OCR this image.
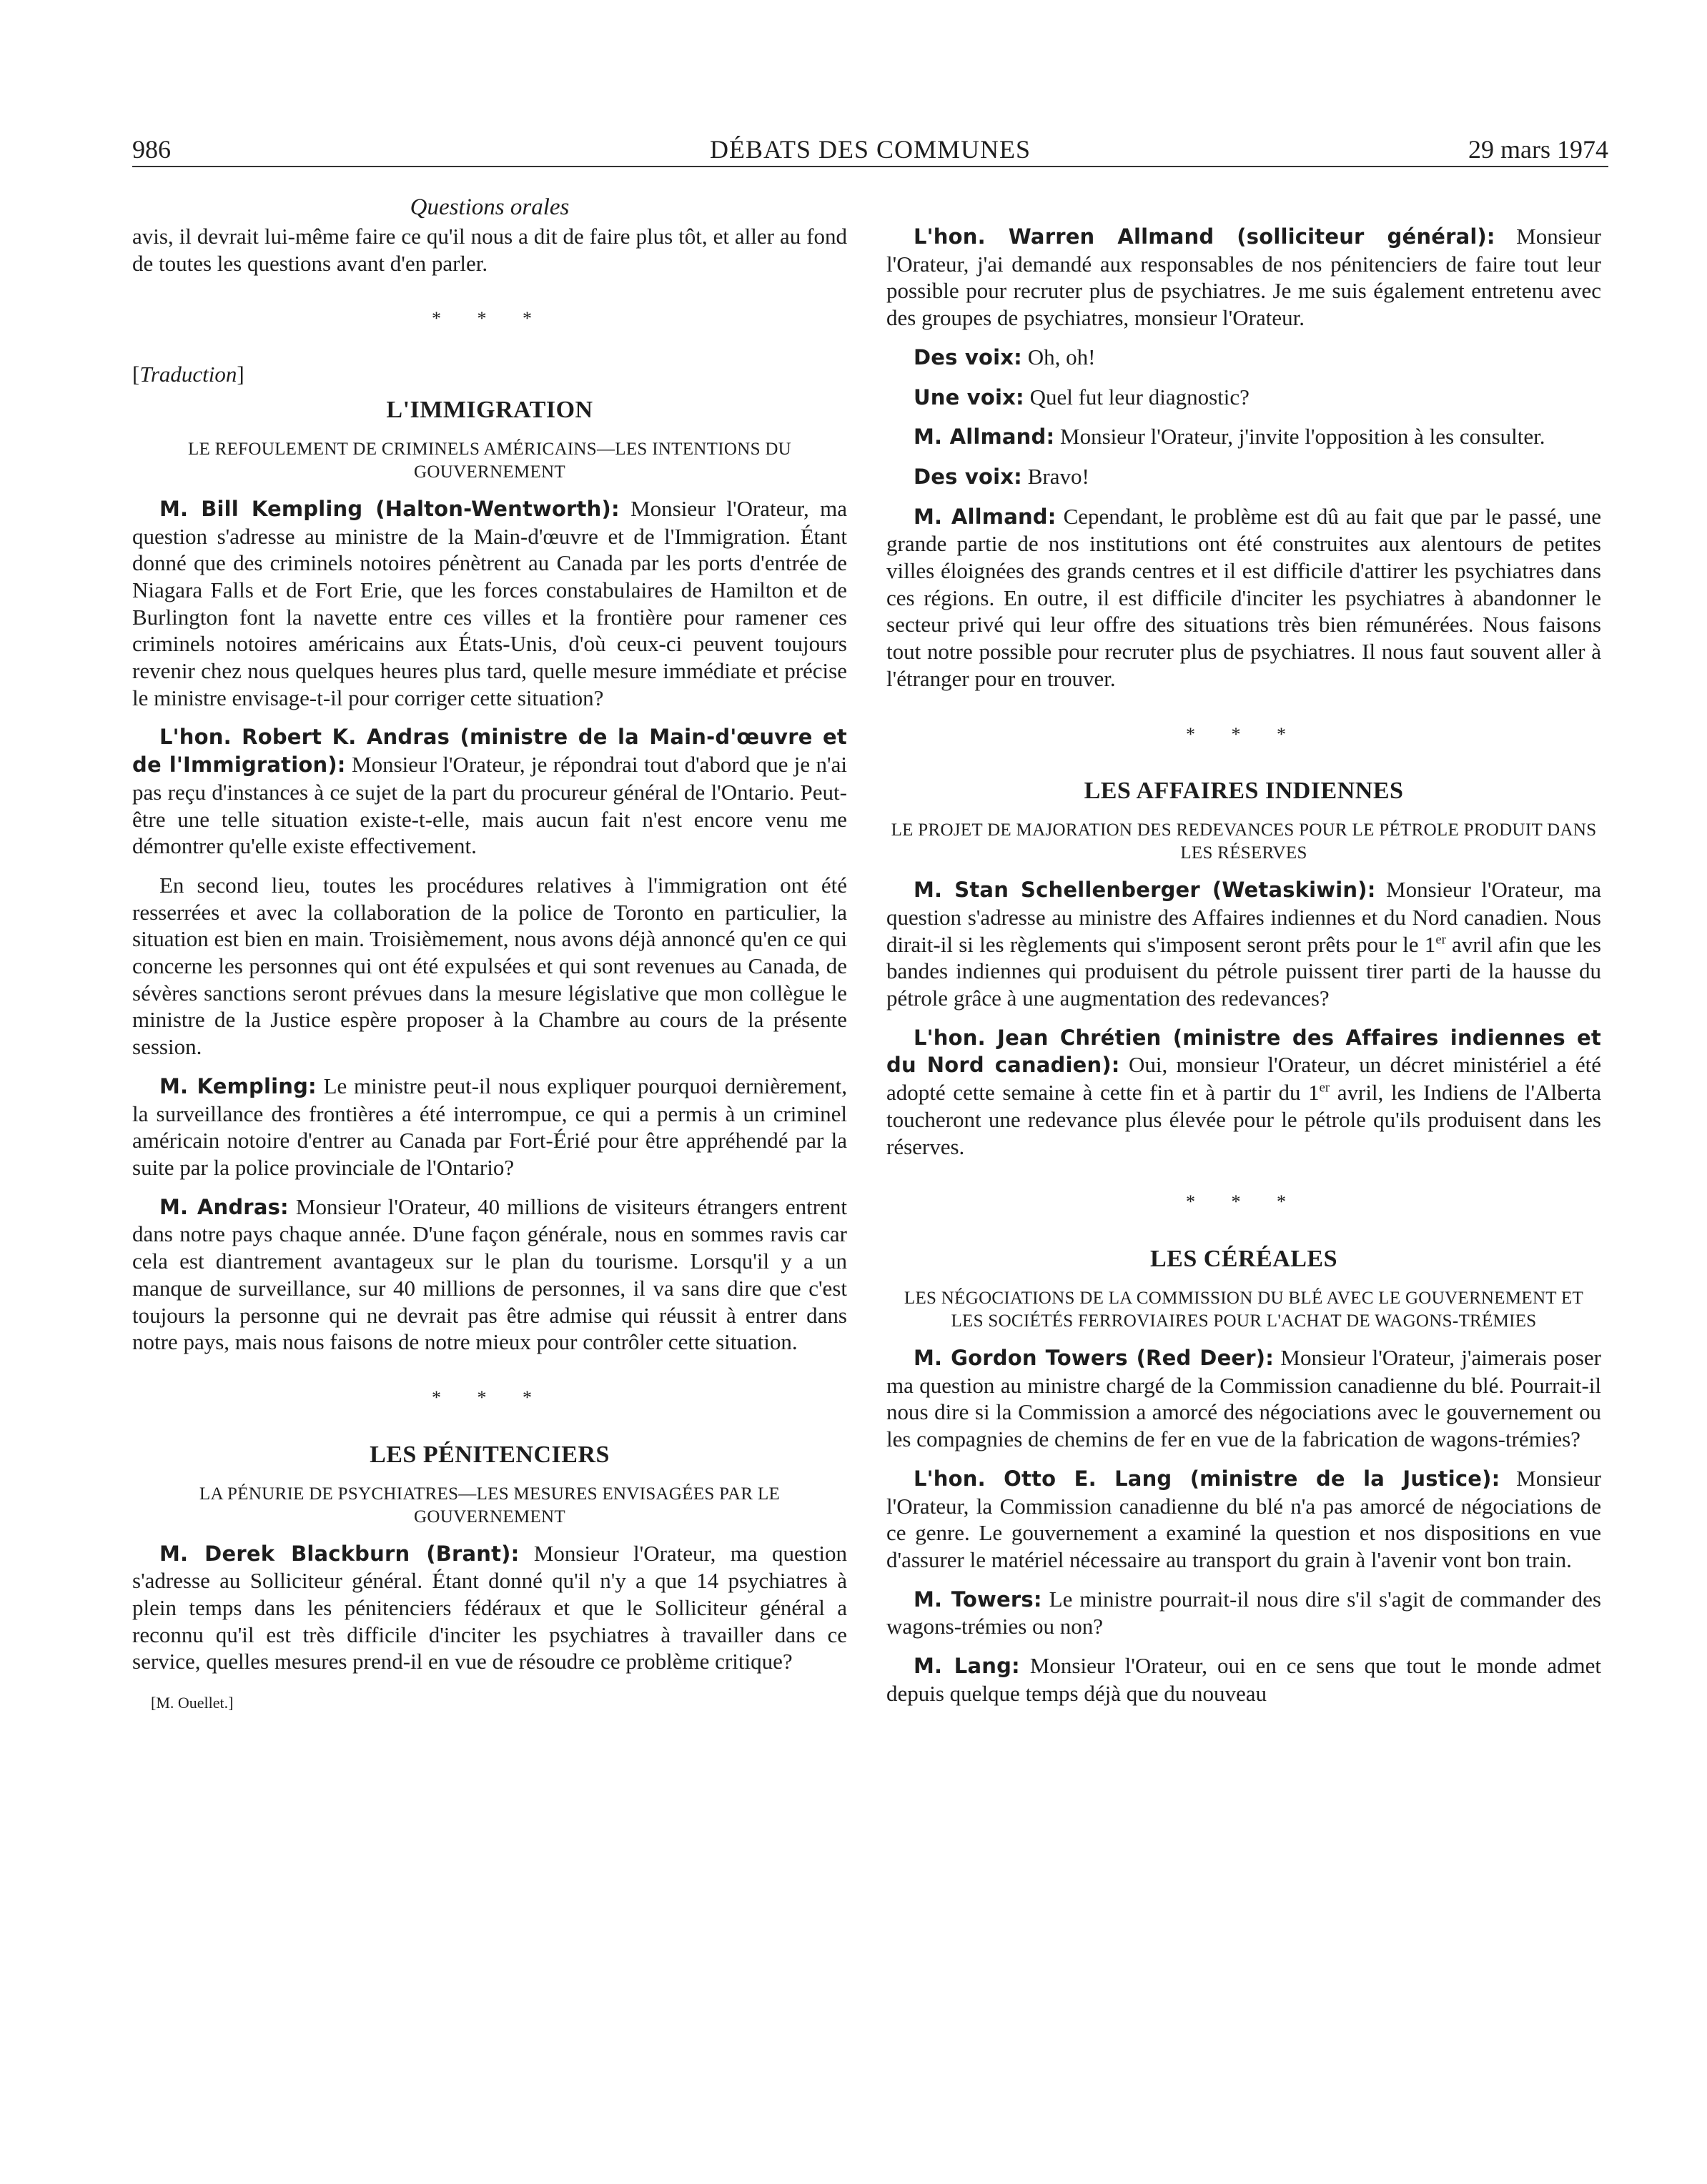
986	DÉBATS DES COMMUNES	29 mars 1974
Questions orales

avis, il devrait lui-même faire ce qu'il nous a dit de faire plus tôt, et aller au fond de toutes les questions avant d'en parler.

* * *
[Traduction]
L'IMMIGRATION
LE REFOULEMENT DE CRIMINELS AMÉRICAINS—LES INTENTIONS DU GOUVERNEMENT

M. Bill Kempling (Halton-Wentworth): Monsieur l'Orateur, ma question s'adresse au ministre de la Main-d'œuvre et de l'Immigration. Étant donné que des criminels notoires pénètrent au Canada par les ports d'entrée de Niagara Falls et de Fort Erie, que les forces constabulaires de Hamilton et de Burlington font la navette entre ces villes et la frontière pour ramener ces criminels notoires américains aux États-Unis, d'où ceux-ci peuvent toujours revenir chez nous quelques heures plus tard, quelle mesure immédiate et précise le ministre envisage-t-il pour corriger cette situation?

L'hon. Robert K. Andras (ministre de la Main-d'œuvre et de l'Immigration): Monsieur l'Orateur, je répondrai tout d'abord que je n'ai pas reçu d'instances à ce sujet de la part du procureur général de l'Ontario. Peut-être une telle situation existe-t-elle, mais aucun fait n'est encore venu me démontrer qu'elle existe effectivement.

En second lieu, toutes les procédures relatives à l'immigration ont été resserrées et avec la collaboration de la police de Toronto en particulier, la situation est bien en main. Troisièmement, nous avons déjà annoncé qu'en ce qui concerne les personnes qui ont été expulsées et qui sont revenues au Canada, de sévères sanctions seront prévues dans la mesure législative que mon collègue le ministre de la Justice espère proposer à la Chambre au cours de la présente session.

M. Kempling: Le ministre peut-il nous expliquer pourquoi dernièrement, la surveillance des frontières a été interrompue, ce qui a permis à un criminel américain notoire d'entrer au Canada par Fort-Érié pour être appréhendé par la suite par la police provinciale de l'Ontario?

M. Andras: Monsieur l'Orateur, 40 millions de visiteurs étrangers entrent dans notre pays chaque année. D'une façon générale, nous en sommes ravis car cela est diantrement avantageux sur le plan du tourisme. Lorsqu'il y a un manque de surveillance, sur 40 millions de personnes, il va sans dire que c'est toujours la personne qui ne devrait pas être admise qui réussit à entrer dans notre pays, mais nous faisons de notre mieux pour contrôler cette situation.

* * *
LES PÉNITENCIERS
LA PÉNURIE DE PSYCHIATRES—LES MESURES ENVISAGÉES PAR LE GOUVERNEMENT

M. Derek Blackburn (Brant): Monsieur l'Orateur, ma question s'adresse au Solliciteur général. Étant donné qu'il n'y a que 14 psychiatres à plein temps dans les pénitenciers fédéraux et que le Solliciteur général a reconnu qu'il est très difficile d'inciter les psychiatres à travailler dans ce service, quelles mesures prend-il en vue de résoudre ce problème critique?

[M. Ouellet.]

L'hon. Warren Allmand (solliciteur général): Monsieur l'Orateur, j'ai demandé aux responsables de nos pénitenciers de faire tout leur possible pour recruter plus de psychiatres. Je me suis également entretenu avec des groupes de psychiatres, monsieur l'Orateur.

Des voix: Oh, oh!

Une voix: Quel fut leur diagnostic?

M. Allmand: Monsieur l'Orateur, j'invite l'opposition à les consulter.

Des voix: Bravo!

M. Allmand: Cependant, le problème est dû au fait que par le passé, une grande partie de nos institutions ont été construites aux alentours de petites villes éloignées des grands centres et il est difficile d'attirer les psychiatres dans ces régions. En outre, il est difficile d'inciter les psychiatres à abandonner le secteur privé qui leur offre des situations très bien rémunérées. Nous faisons tout notre possible pour recruter plus de psychiatres. Il nous faut souvent aller à l'étranger pour en trouver.

* * *
LES AFFAIRES INDIENNES
LE PROJET DE MAJORATION DES REDEVANCES POUR LE PÉTROLE PRODUIT DANS LES RÉSERVES

M. Stan Schellenberger (Wetaskiwin): Monsieur l'Orateur, ma question s'adresse au ministre des Affaires indiennes et du Nord canadien. Nous dirait-il si les règlements qui s'imposent seront prêts pour le 1er avril afin que les bandes indiennes qui produisent du pétrole puissent tirer parti de la hausse du pétrole grâce à une augmentation des redevances?

L'hon. Jean Chrétien (ministre des Affaires indiennes et du Nord canadien): Oui, monsieur l'Orateur, un décret ministériel a été adopté cette semaine à cette fin et à partir du 1er avril, les Indiens de l'Alberta toucheront une redevance plus élevée pour le pétrole qu'ils produisent dans les réserves.

* * *
LES CÉRÉALES
LES NÉGOCIATIONS DE LA COMMISSION DU BLÉ AVEC LE GOUVERNEMENT ET LES SOCIÉTÉS FERROVIAIRES POUR L'ACHAT DE WAGONS-TRÉMIES

M. Gordon Towers (Red Deer): Monsieur l'Orateur, j'aimerais poser ma question au ministre chargé de la Commission canadienne du blé. Pourrait-il nous dire si la Commission a amorcé des négociations avec le gouvernement ou les compagnies de chemins de fer en vue de la fabrication de wagons-trémies?

L'hon. Otto E. Lang (ministre de la Justice): Monsieur l'Orateur, la Commission canadienne du blé n'a pas amorcé de négociations de ce genre. Le gouvernement a examiné la question et nos dispositions en vue d'assurer le matériel nécessaire au transport du grain à l'avenir vont bon train.

M. Towers: Le ministre pourrait-il nous dire s'il s'agit de commander des wagons-trémies ou non?

M. Lang: Monsieur l'Orateur, oui en ce sens que tout le monde admet depuis quelque temps déjà que du nouveau
